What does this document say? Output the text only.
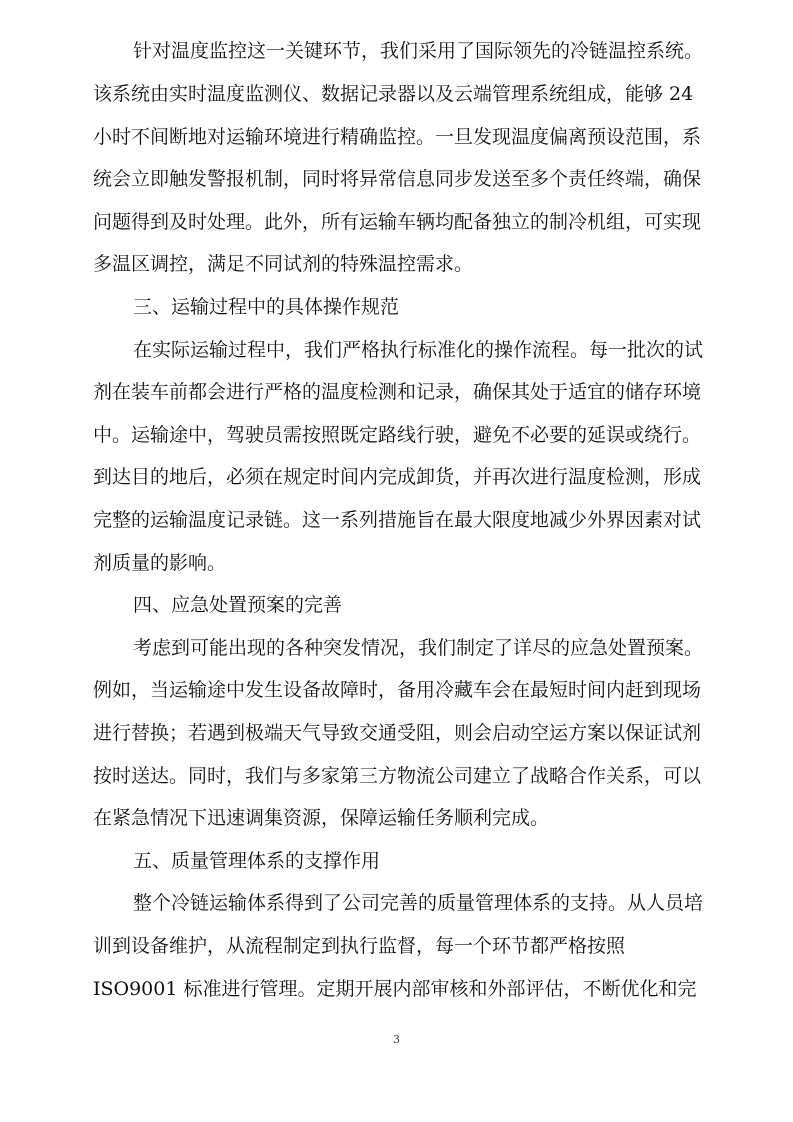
针对温度监控这一关键环节，我们采用了国际领先的冷链温控系统。
该系统由实时温度监测仪、数据记录器以及云端管理系统组成，能够 24
小时不间断地对运输环境进行精确监控。一旦发现温度偏离预设范围，系
统会立即触发警报机制，同时将异常信息同步发送至多个责任终端，确保
问题得到及时处理。此外，所有运输车辆均配备独立的制冷机组，可实现
多温区调控，满足不同试剂的特殊温控需求。
三、运输过程中的具体操作规范
在实际运输过程中，我们严格执行标准化的操作流程。每一批次的试
剂在装车前都会进行严格的温度检测和记录，确保其处于适宜的储存环境
中。运输途中，驾驶员需按照既定路线行驶，避免不必要的延误或绕行。
到达目的地后，必须在规定时间内完成卸货，并再次进行温度检测，形成
完整的运输温度记录链。这一系列措施旨在最大限度地减少外界因素对试
剂质量的影响。
四、应急处置预案的完善
考虑到可能出现的各种突发情况，我们制定了详尽的应急处置预案。
例如，当运输途中发生设备故障时，备用冷藏车会在最短时间内赶到现场
进行替换；若遇到极端天气导致交通受阻，则会启动空运方案以保证试剂
按时送达。同时，我们与多家第三方物流公司建立了战略合作关系，可以
在紧急情况下迅速调集资源，保障运输任务顺利完成。
五、质量管理体系的支撑作用
整个冷链运输体系得到了公司完善的质量管理体系的支持。从人员培
训到设备维护，从流程制定到执行监督，每一个环节都严格按照
ISO9001 标准进行管理。定期开展内部审核和外部评估，不断优化和完
3
